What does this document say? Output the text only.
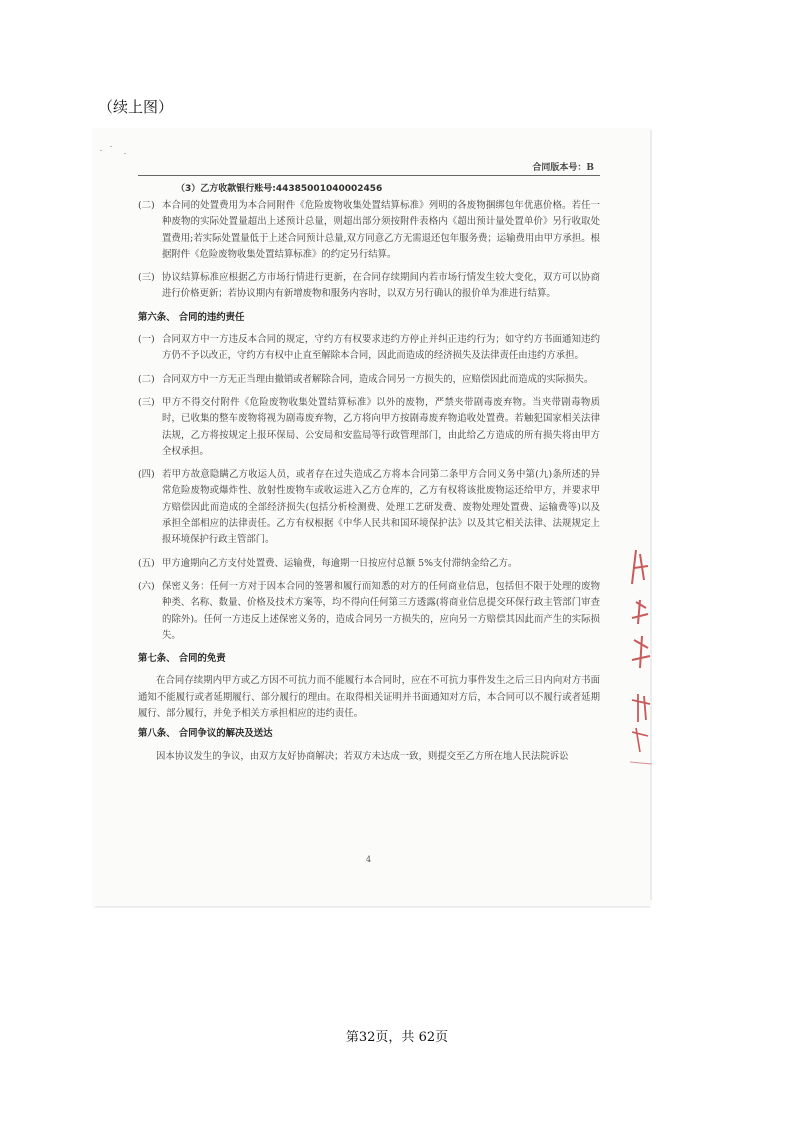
（续上图）
合同版本号：B
（3）乙方收款银行账号:44385001040002456
(二) 本合同的处置费用为本合同附件《危险废物收集处置结算标准》列明的各废物捆绑包年优惠价格。若任一种废物的实际处置量超出上述预计总量，则超出部分须按附件表格内《超出预计量处置单价》另行收取处置费用;若实际处置量低于上述合同预计总量,双方同意乙方无需退还包年服务费；运输费用由甲方承担。根据附件《危险废物收集处置结算标准》的约定另行结算。
(三) 协议结算标准应根据乙方市场行情进行更新，在合同存续期间内若市场行情发生较大变化，双方可以协商进行价格更新；若协议期内有新增废物和服务内容时，以双方另行确认的报价单为准进行结算。
第六条、 合同的违约责任
(一) 合同双方中一方违反本合同的规定，守约方有权要求违约方停止并纠正违约行为；如守约方书面通知违约方仍不予以改正，守约方有权中止直至解除本合同，因此而造成的经济损失及法律责任由违约方承担。
(二) 合同双方中一方无正当理由撤销或者解除合同，造成合同另一方损失的，应赔偿因此而造成的实际损失。
(三) 甲方不得交付附件《危险废物收集处置结算标准》以外的废物，严禁夹带剧毒废弃物。当夹带剧毒物质时，已收集的整车废物将视为剧毒废弃物，乙方将向甲方按剧毒废弃物追收处置费。若触犯国家相关法律法规，乙方将按规定上报环保局、公安局和安监局等行政管理部门，由此给乙方造成的所有损失将由甲方全权承担。
(四) 若甲方故意隐瞒乙方收运人员，或者存在过失造成乙方将本合同第二条甲方合同义务中第(九)条所述的异常危险废物或爆炸性、放射性废物车或收运进入乙方仓库的，乙方有权将该批废物运还给甲方，并要求甲方赔偿因此而造成的全部经济损失(包括分析检测费、处理工艺研发费、废物处理处置费、运输费等)以及承担全部相应的法律责任。乙方有权根据《中华人民共和国环境保护法》以及其它相关法律、法规规定上报环境保护行政主管部门。
(五) 甲方逾期向乙方支付处置费、运输费，每逾期一日按应付总额 5%支付滞纳金给乙方。
(六) 保密义务：任何一方对于因本合同的签署和履行而知悉的对方的任何商业信息，包括但不限于处理的废物种类、名称、数量、价格及技术方案等，均不得向任何第三方透露(将商业信息提交环保行政主管部门审查的除外)。任何一方违反上述保密义务的，造成合同另一方损失的，应向另一方赔偿其因此而产生的实际损失。
第七条、 合同的免责
在合同存续期内甲方或乙方因不可抗力而不能履行本合同时，应在不可抗力事件发生之后三日内向对方书面通知不能履行或者延期履行、部分履行的理由。在取得相关证明并书面通知对方后，本合同可以不履行或者延期履行、部分履行，并免予相关方承担相应的违约责任。
第八条、 合同争议的解决及送达
因本协议发生的争议，由双方友好协商解决；若双方未达成一致，则提交至乙方所在地人民法院诉讼
4
第32页，共 62页
